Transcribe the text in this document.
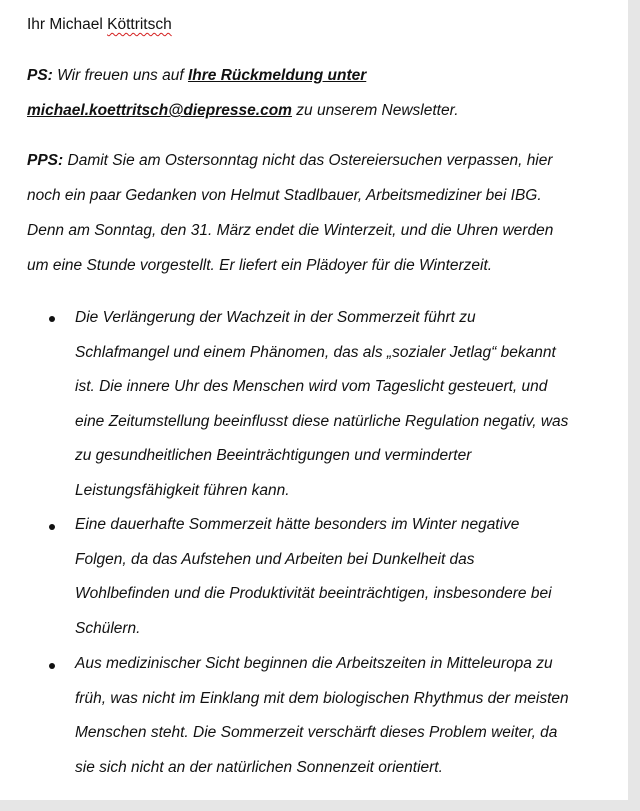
Ihr Michael Köttritsch
PS: Wir freuen uns auf Ihre Rückmeldung unter
michael.koettritsch@diepresse.com zu unserem Newsletter.
PPS: Damit Sie am Ostersonntag nicht das Ostereiersuchen verpassen, hier
noch ein paar Gedanken von Helmut Stadlbauer, Arbeitsmediziner bei IBG.
Denn am Sonntag, den 31. März endet die Winterzeit, und die Uhren werden
um eine Stunde vorgestellt. Er liefert ein Plädoyer für die Winterzeit.
Die Verlängerung der Wachzeit in der Sommerzeit führt zu
Schlafmangel und einem Phänomen, das als „sozialer Jetlag“ bekannt
ist. Die innere Uhr des Menschen wird vom Tageslicht gesteuert, und
eine Zeitumstellung beeinflusst diese natürliche Regulation negativ, was
zu gesundheitlichen Beeinträchtigungen und verminderter
Leistungsfähigkeit führen kann.
Eine dauerhafte Sommerzeit hätte besonders im Winter negative
Folgen, da das Aufstehen und Arbeiten bei Dunkelheit das
Wohlbefinden und die Produktivität beeinträchtigen, insbesondere bei
Schülern.
Aus medizinischer Sicht beginnen die Arbeitszeiten in Mitteleuropa zu
früh, was nicht im Einklang mit dem biologischen Rhythmus der meisten
Menschen steht. Die Sommerzeit verschärft dieses Problem weiter, da
sie sich nicht an der natürlichen Sonnenzeit orientiert.
